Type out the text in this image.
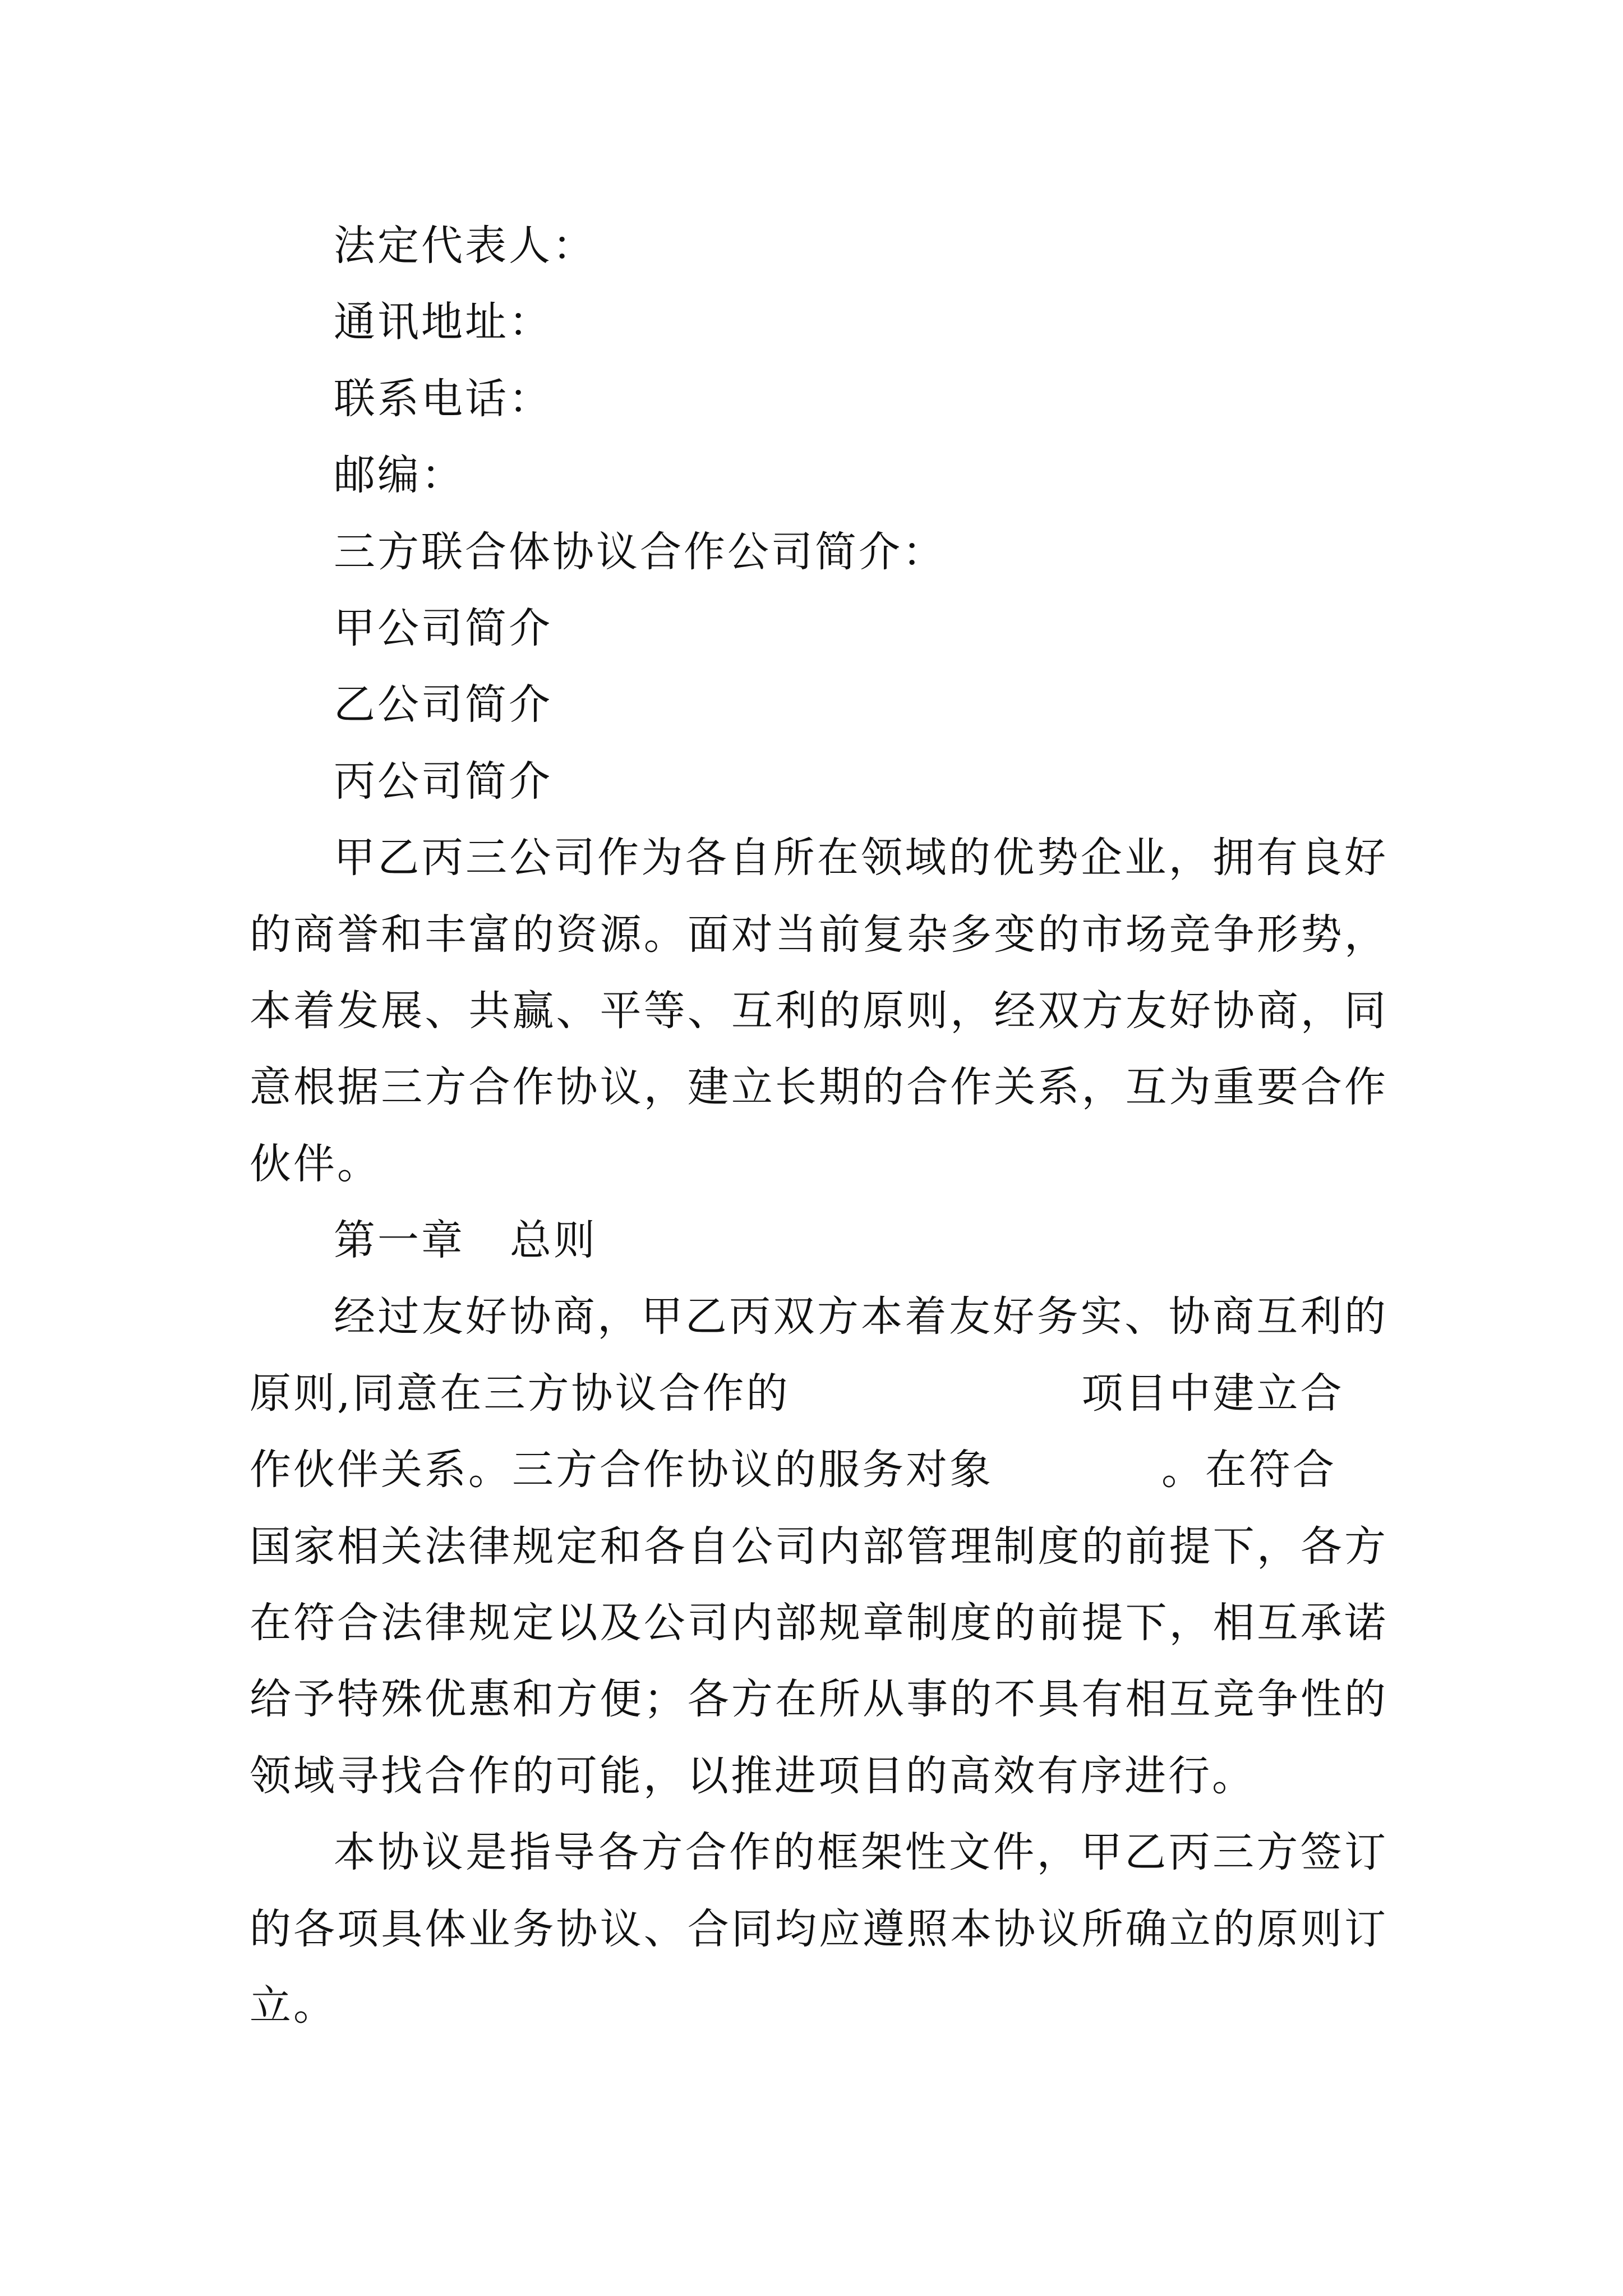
法定代表人：
通讯地址：
联系电话：
邮编：
三方联合体协议合作公司简介：
甲公司简介
乙公司简介
丙公司简介
甲乙丙三公司作为各自所在领域的优势企业，拥有良好
的商誉和丰富的资源。面对当前复杂多变的市场竞争形势，
本着发展、共赢、平等、互利的原则，经双方友好协商，同
意根据三方合作协议，建立长期的合作关系，互为重要合作
伙伴。
第一章 总则
经过友好协商，甲乙丙双方本着友好务实、协商互利的
原则,同意在三方协议合作的	项目中建立合
作伙伴关系。三方合作协议的服务对象	。在符合
国家相关法律规定和各自公司内部管理制度的前提下，各方
在符合法律规定以及公司内部规章制度的前提下，相互承诺
给予特殊优惠和方便；各方在所从事的不具有相互竞争性的
领域寻找合作的可能，以推进项目的高效有序进行。
本协议是指导各方合作的框架性文件，甲乙丙三方签订
的各项具体业务协议、合同均应遵照本协议所确立的原则订
立。
